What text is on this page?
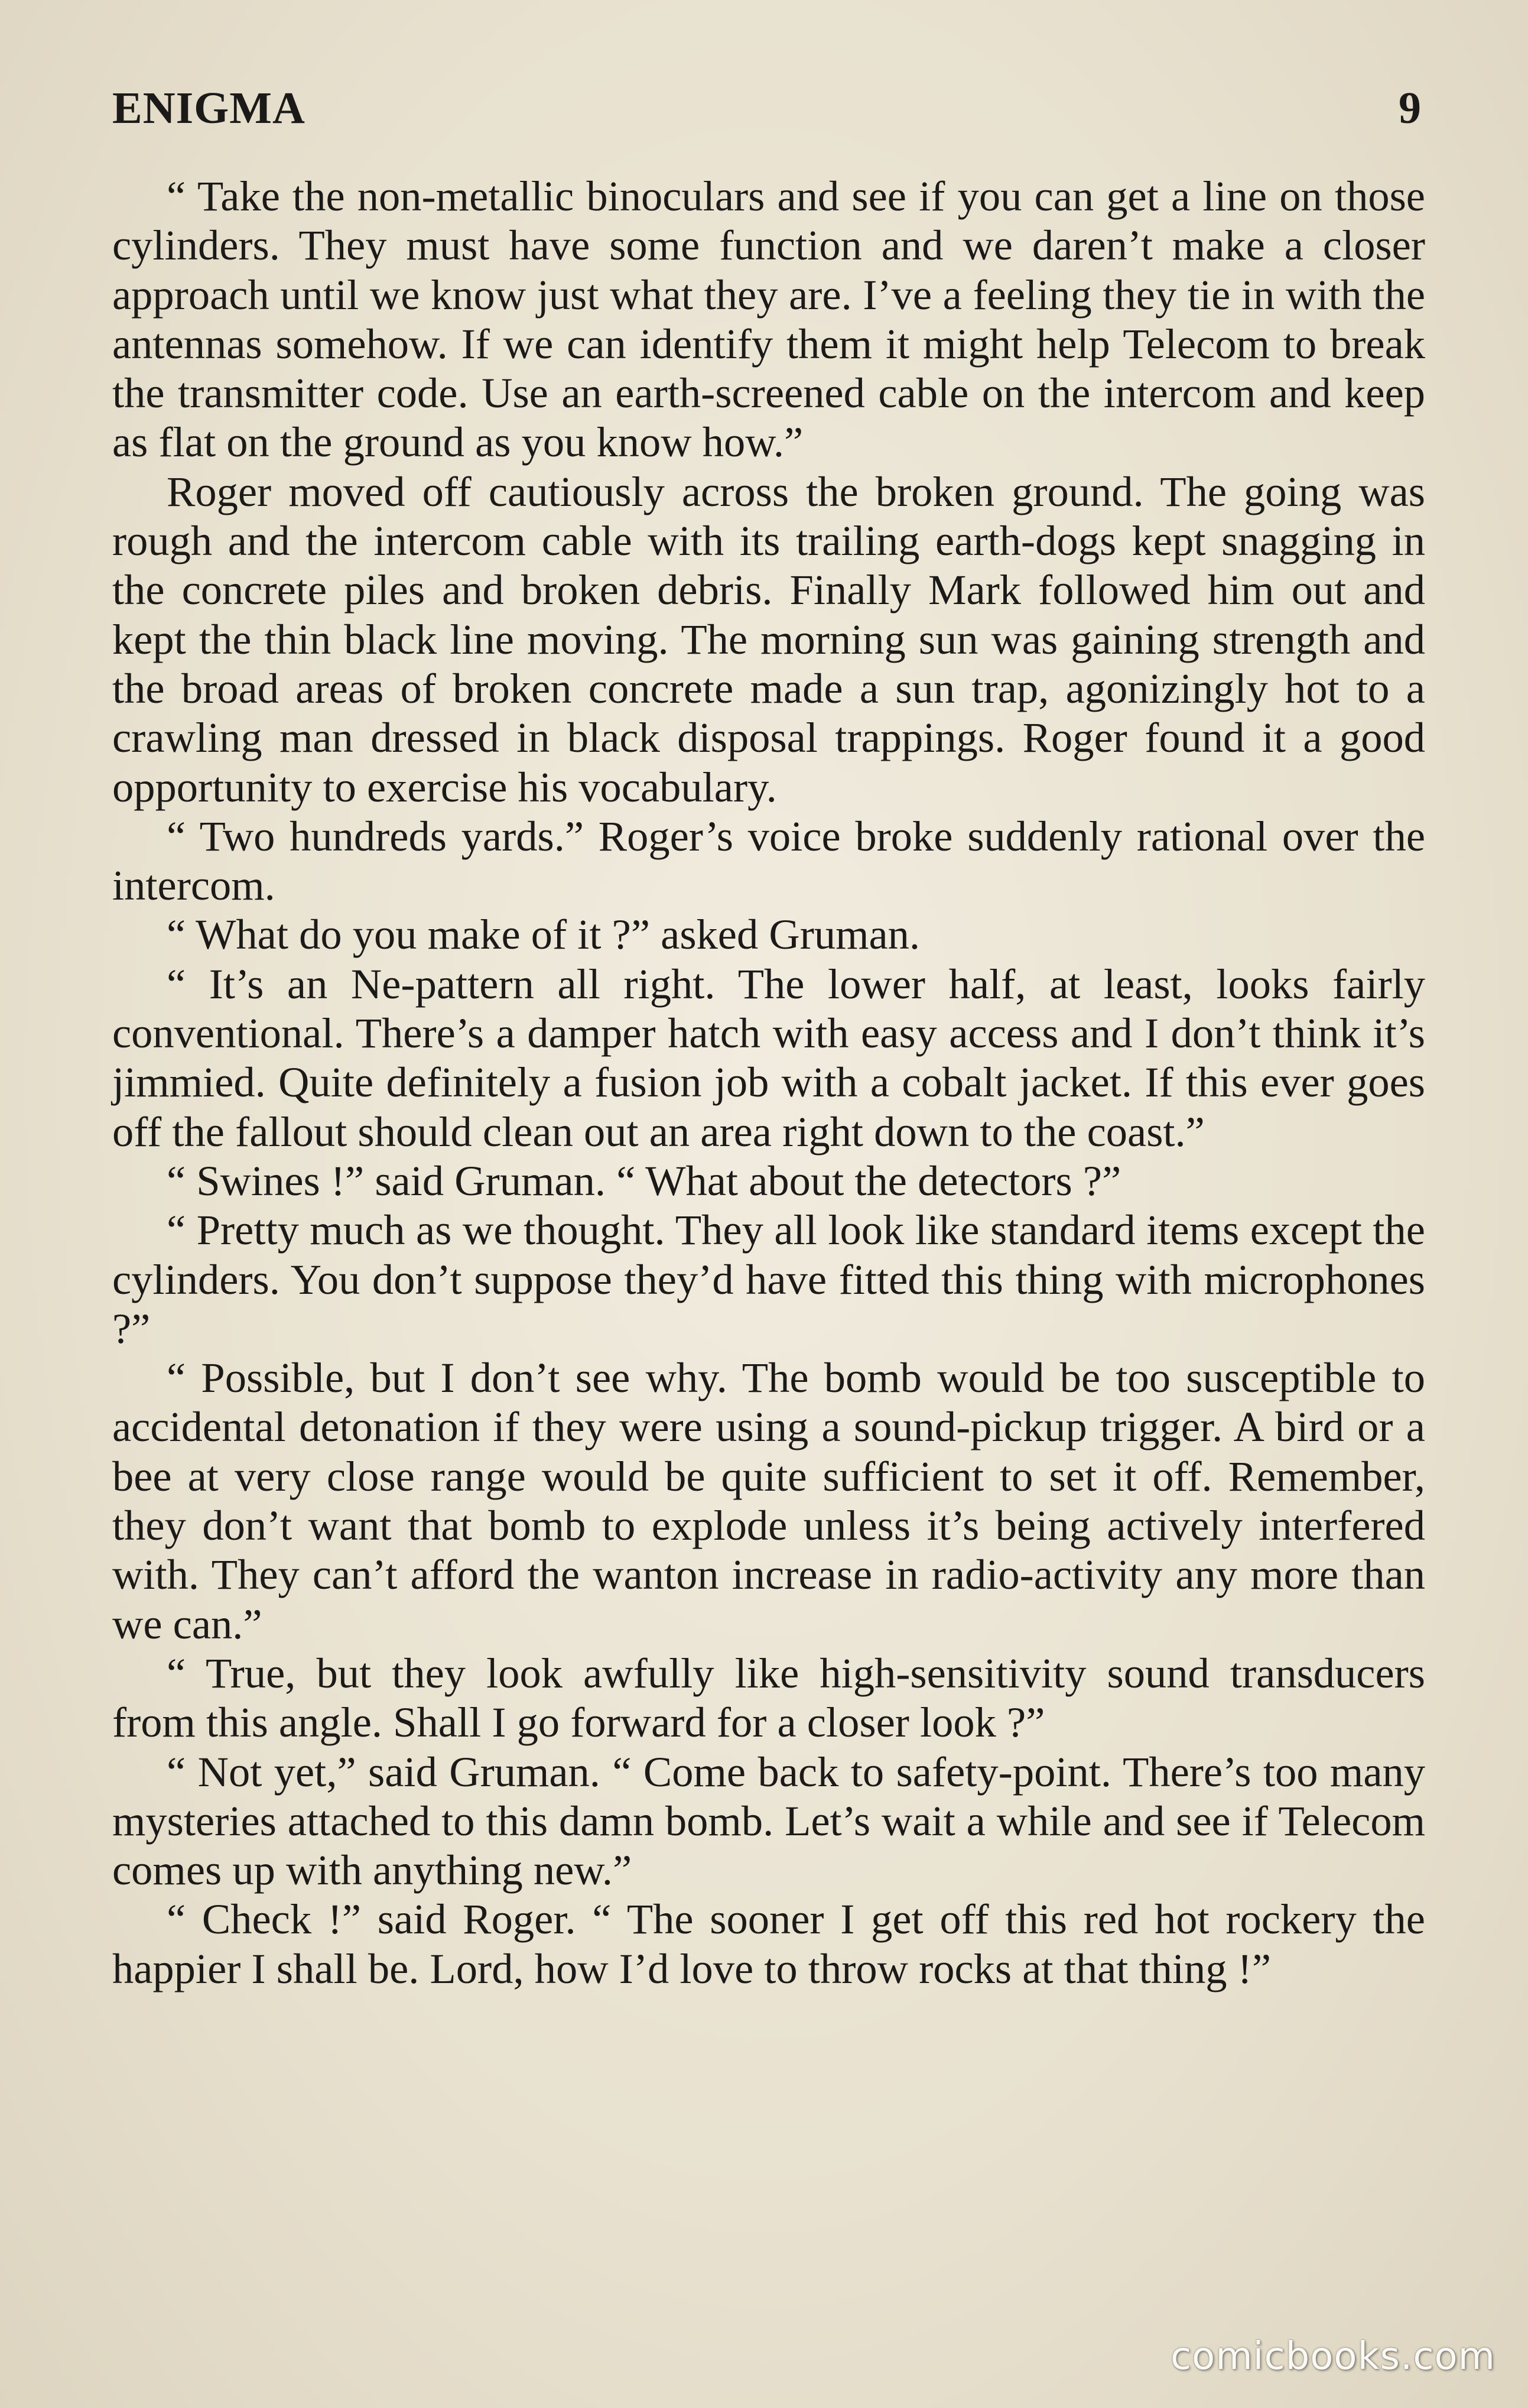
ENIGMA	9

“ Take the non-metallic binoculars and see if you can get a line on those cylinders. They must have some function and we daren’t make a closer approach until we know just what they are. I’ve a feeling they tie in with the antennas somehow. If we can identify them it might help Telecom to break the transmitter code. Use an earth-screened cable on the intercom and keep as flat on the ground as you know how.”

Roger moved off cautiously across the broken ground. The going was rough and the intercom cable with its trailing earth-dogs kept snagging in the concrete piles and broken debris. Finally Mark followed him out and kept the thin black line moving. The morning sun was gaining strength and the broad areas of broken concrete made a sun trap, agonizingly hot to a crawling man dressed in black disposal trappings. Roger found it a good opportunity to exercise his vocabulary.

“ Two hundreds yards.” Roger’s voice broke suddenly rational over the intercom.

“ What do you make of it ?” asked Gruman.

“ It’s an Ne-pattern all right. The lower half, at least, looks fairly conventional. There’s a damper hatch with easy access and I don’t think it’s jimmied. Quite definitely a fusion job with a cobalt jacket. If this ever goes off the fallout should clean out an area right down to the coast.”

“ Swines !” said Gruman. “ What about the detectors ?”

“ Pretty much as we thought. They all look like standard items except the cylinders. You don’t suppose they’d have fitted this thing with microphones ?”

“ Possible, but I don’t see why. The bomb would be too susceptible to accidental detonation if they were using a sound-pickup trigger. A bird or a bee at very close range would be quite sufficient to set it off. Remember, they don’t want that bomb to explode unless it’s being actively interfered with. They can’t afford the wanton increase in radio-activity any more than we can.”

“ True, but they look awfully like high-sensitivity sound transducers from this angle. Shall I go forward for a closer look ?”

“ Not yet,” said Gruman. “ Come back to safety-point. There’s too many mysteries attached to this damn bomb. Let’s wait a while and see if Telecom comes up with anything new.”

“ Check !” said Roger. “ The sooner I get off this red hot rockery the happier I shall be. Lord, how I’d love to throw rocks at that thing !”

comicbooks.com
